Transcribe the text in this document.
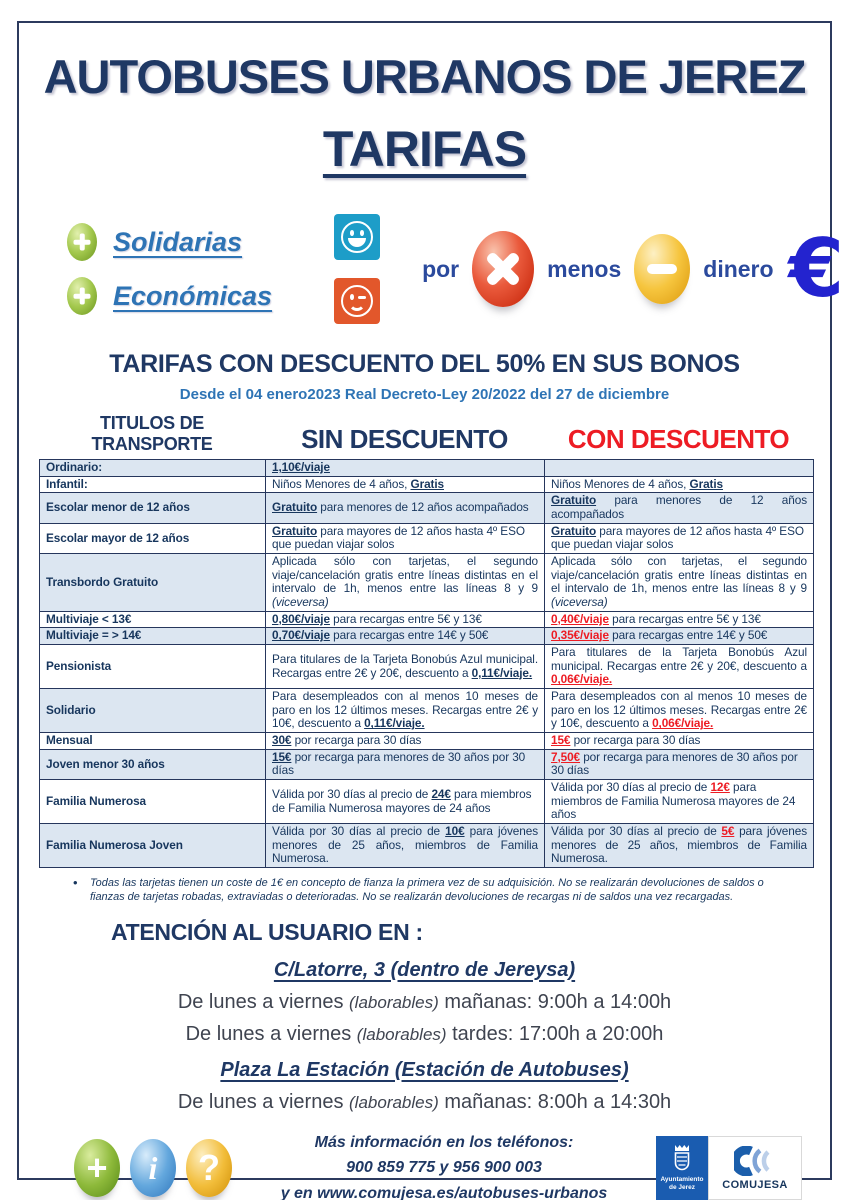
AUTOBUSES URBANOS DE JEREZ
TARIFAS
Solidarias
Económicas
por	menos	dinero €
TARIFAS CON DESCUENTO DEL 50% EN SUS BONOS
Desde el 04 enero2023 Real Decreto-Ley 20/2022 del 27 de diciembre
TITULOS DE TRANSPORTE	SIN DESCUENTO	CON DESCUENTO
Ordinario:	1,10€/viaje	
Infantil:	Niños Menores de 4 años, Gratis	Niños Menores de 4 años, Gratis
Escolar menor de 12 años	Gratuito para menores de 12 años acompañados	Gratuito para menores de 12 años acompañados
Escolar mayor de 12 años	Gratuito para mayores de 12 años hasta 4º ESO que puedan viajar solos	Gratuito para mayores de 12 años hasta 4º ESO que puedan viajar solos
Transbordo Gratuito	Aplicada sólo con tarjetas, el segundo viaje/cancelación gratis entre líneas distintas en el intervalo de 1h, menos entre las líneas 8 y 9 (viceversa)	Aplicada sólo con tarjetas, el segundo viaje/cancelación gratis entre líneas distintas en el intervalo de 1h, menos entre las líneas 8 y 9 (viceversa)
Multiviaje < 13€	0,80€/viaje para recargas entre 5€ y 13€	0,40€/viaje para recargas entre 5€ y 13€
Multiviaje = > 14€	0,70€/viaje para recargas entre 14€ y 50€	0,35€/viaje para recargas entre 14€ y 50€
Pensionista	Para titulares de la Tarjeta Bonobús Azul municipal. Recargas entre 2€ y 20€, descuento a 0,11€/viaje.	Para titulares de la Tarjeta Bonobús Azul municipal. Recargas entre 2€ y 20€, descuento a 0,06€/viaje.
Solidario	Para desempleados con al menos 10 meses de paro en los 12 últimos meses. Recargas entre 2€ y 10€, descuento a 0,11€/viaje.	Para desempleados con al menos 10 meses de paro en los 12 últimos meses. Recargas entre 2€ y 10€, descuento a 0,06€/viaje.
Mensual	30€ por recarga para 30 días	15€ por recarga para 30 días
Joven menor 30 años	15€ por recarga para menores de 30 años por 30 días	7,50€ por recarga para menores de 30 años por 30 días
Familia Numerosa	Válida por 30 días al precio de 24€ para miembros de Familia Numerosa mayores de 24 años	Válida por 30 días al precio de 12€ para miembros de Familia Numerosa mayores de 24 años
Familia Numerosa Joven	Válida por 30 días al precio de 10€ para jóvenes menores de 25 años, miembros de Familia Numerosa.	Válida por 30 días al precio de 5€ para jóvenes menores de 25 años, miembros de Familia Numerosa.
• Todas las tarjetas tienen un coste de 1€ en concepto de fianza la primera vez de su adquisición. No se realizarán devoluciones de saldos o fianzas de tarjetas robadas, extraviadas o deterioradas. No se realizarán devoluciones de recargas ni de saldos una vez recargadas.
ATENCIÓN AL USUARIO EN :
C/Latorre, 3 (dentro de Jereysa)
De lunes a viernes (laborables) mañanas: 9:00h a 14:00h
De lunes a viernes (laborables) tardes: 17:00h a 20:00h
Plaza La Estación (Estación de Autobuses)
De lunes a viernes (laborables) mañanas: 8:00h a 14:30h
+ i ?
Más información en los teléfonos:
900 859 775 y 956 900 003
y en www.comujesa.es/autobuses-urbanos
Ayuntamiento de Jerez	COMUJESA
